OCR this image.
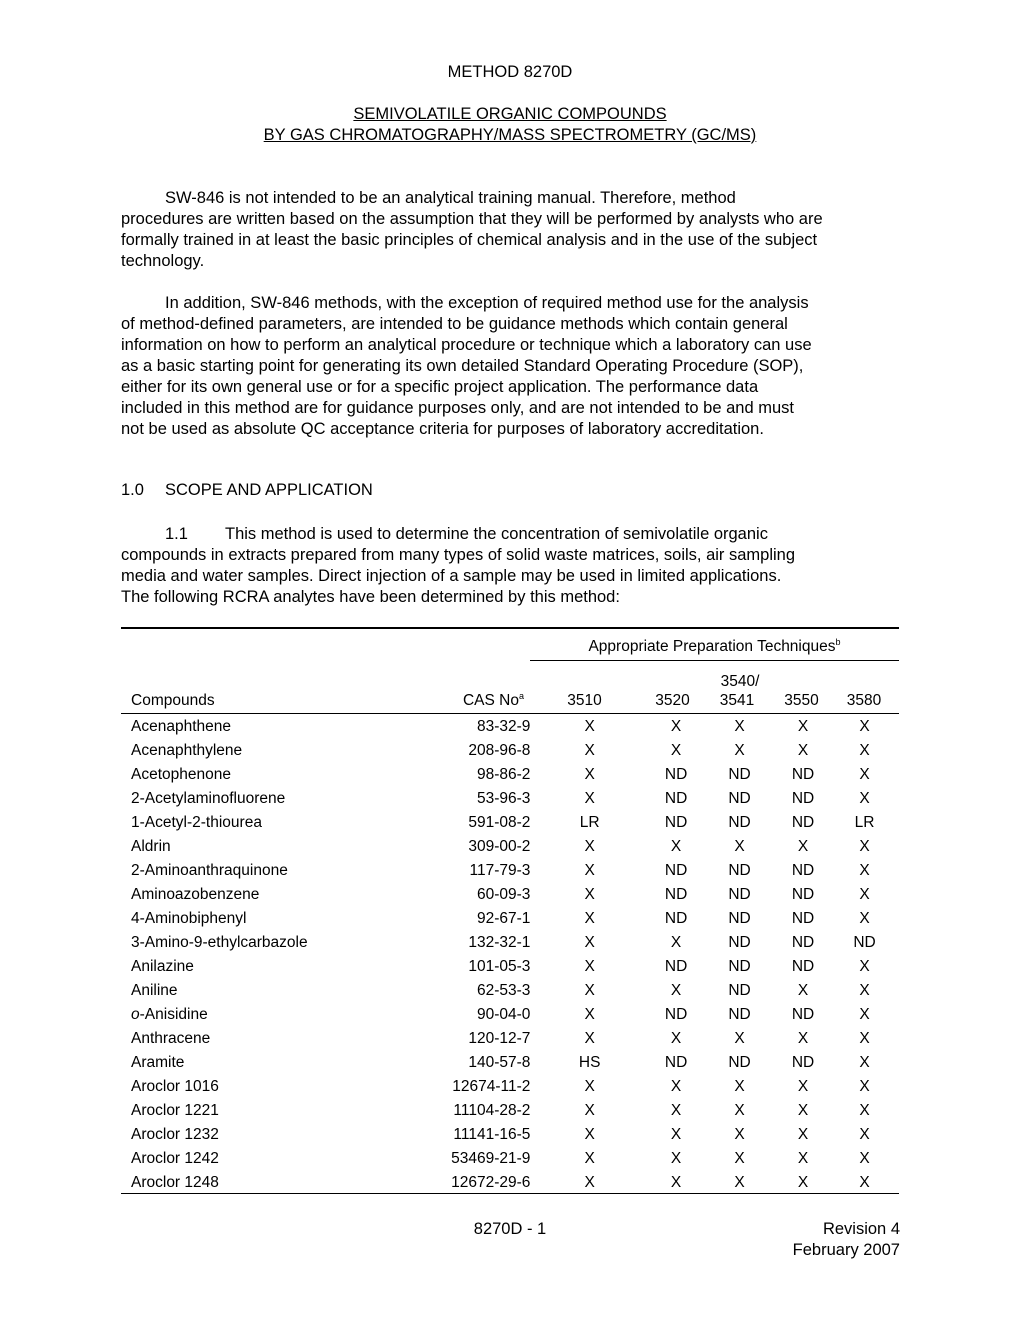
METHOD 8270D
SEMIVOLATILE ORGANIC COMPOUNDS
BY GAS CHROMATOGRAPHY/MASS SPECTROMETRY (GC/MS)
SW-846 is not intended to be an analytical training manual. Therefore, method
procedures are written based on the assumption that they will be performed by analysts who are
formally trained in at least the basic principles of chemical analysis and in the use of the subject
technology.
In addition, SW-846 methods, with the exception of required method use for the analysis
of method-defined parameters, are intended to be guidance methods which contain general
information on how to perform an analytical procedure or technique which a laboratory can use
as a basic starting point for generating its own detailed Standard Operating Procedure (SOP),
either for its own general use or for a specific project application. The performance data
included in this method are for guidance purposes only, and are not intended to be and must
not be used as absolute QC acceptance criteria for purposes of laboratory accreditation.
1.0 SCOPE AND APPLICATION
1.1 This method is used to determine the concentration of semivolatile organic
compounds in extracts prepared from many types of solid waste matrices, soils, air sampling
media and water samples. Direct injection of a sample may be used in limited applications.
The following RCRA analytes have been determined by this method:
Appropriate Preparation Techniques$^b$
3540/
Compounds	CAS No$^a$	3510	3520	3541	3550	3580
Acenaphthene	83-32-9	X	X	X	X	X
Acenaphthylene	208-96-8	X	X	X	X	X
Acetophenone	98-86-2	X	ND	ND	ND	X
2-Acetylaminofluorene	53-96-3	X	ND	ND	ND	X
1-Acetyl-2-thiourea	591-08-2	LR	ND	ND	ND	LR
Aldrin	309-00-2	X	X	X	X	X
2-Aminoanthraquinone	117-79-3	X	ND	ND	ND	X
Aminoazobenzene	60-09-3	X	ND	ND	ND	X
4-Aminobiphenyl	92-67-1	X	ND	ND	ND	X
3-Amino-9-ethylcarbazole	132-32-1	X	X	ND	ND	ND
Anilazine	101-05-3	X	ND	ND	ND	X
Aniline	62-53-3	X	X	ND	X	X
o-Anisidine	90-04-0	X	ND	ND	ND	X
Anthracene	120-12-7	X	X	X	X	X
Aramite	140-57-8	HS	ND	ND	ND	X
Aroclor 1016	12674-11-2	X	X	X	X	X
Aroclor 1221	11104-28-2	X	X	X	X	X
Aroclor 1232	11141-16-5	X	X	X	X	X
Aroclor 1242	53469-21-9	X	X	X	X	X
Aroclor 1248	12672-29-6	X	X	X	X	X
8270D - 1	Revision 4
February 2007
